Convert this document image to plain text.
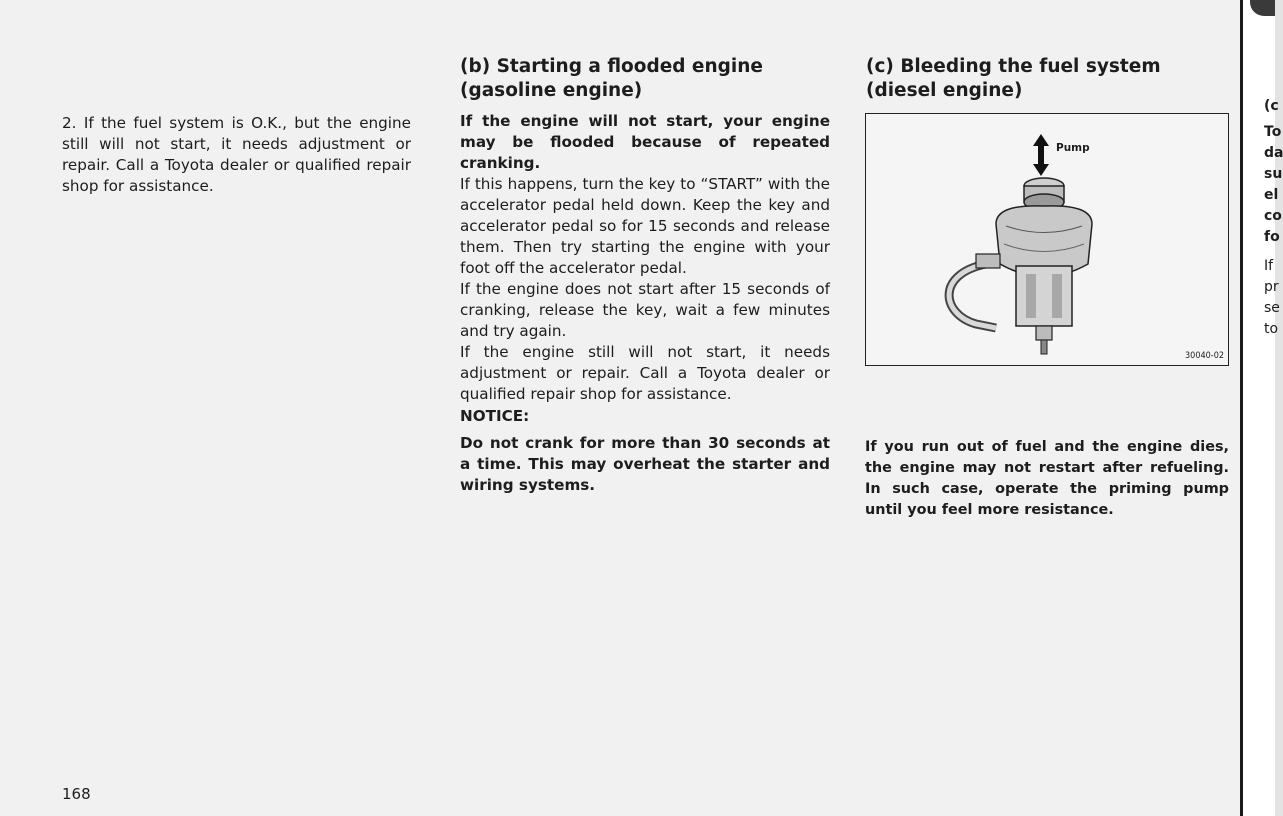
2. If the fuel system is O.K., but the engine still will not start, it needs adjustment or repair. Call a Toyota dealer or qualified repair shop for assistance.

(b) Starting a flooded engine
(gasoline engine)

If the engine will not start, your engine may be flooded because of repeated cranking.

If this happens, turn the key to “START” with the accelerator pedal held down. Keep the key and accelerator pedal so for 15 seconds and release them. Then try starting the engine with your foot off the accelerator pedal.

If the engine does not start after 15 seconds of cranking, release the key, wait a few minutes and try again.

If the engine still will not start, it needs adjustment or repair. Call a Toyota dealer or qualified repair shop for assistance.

NOTICE:

Do not crank for more than 30 seconds at a time. This may overheat the starter and wiring systems.

(c) Bleeding the fuel system
(diesel engine)
Pump
30040-02

If you run out of fuel and the engine dies, the engine may not restart after refueling. In such case, operate the priming pump until you feel more resistance.

168
(c
To
da
su
el
co
fo
If
pr
se
to
